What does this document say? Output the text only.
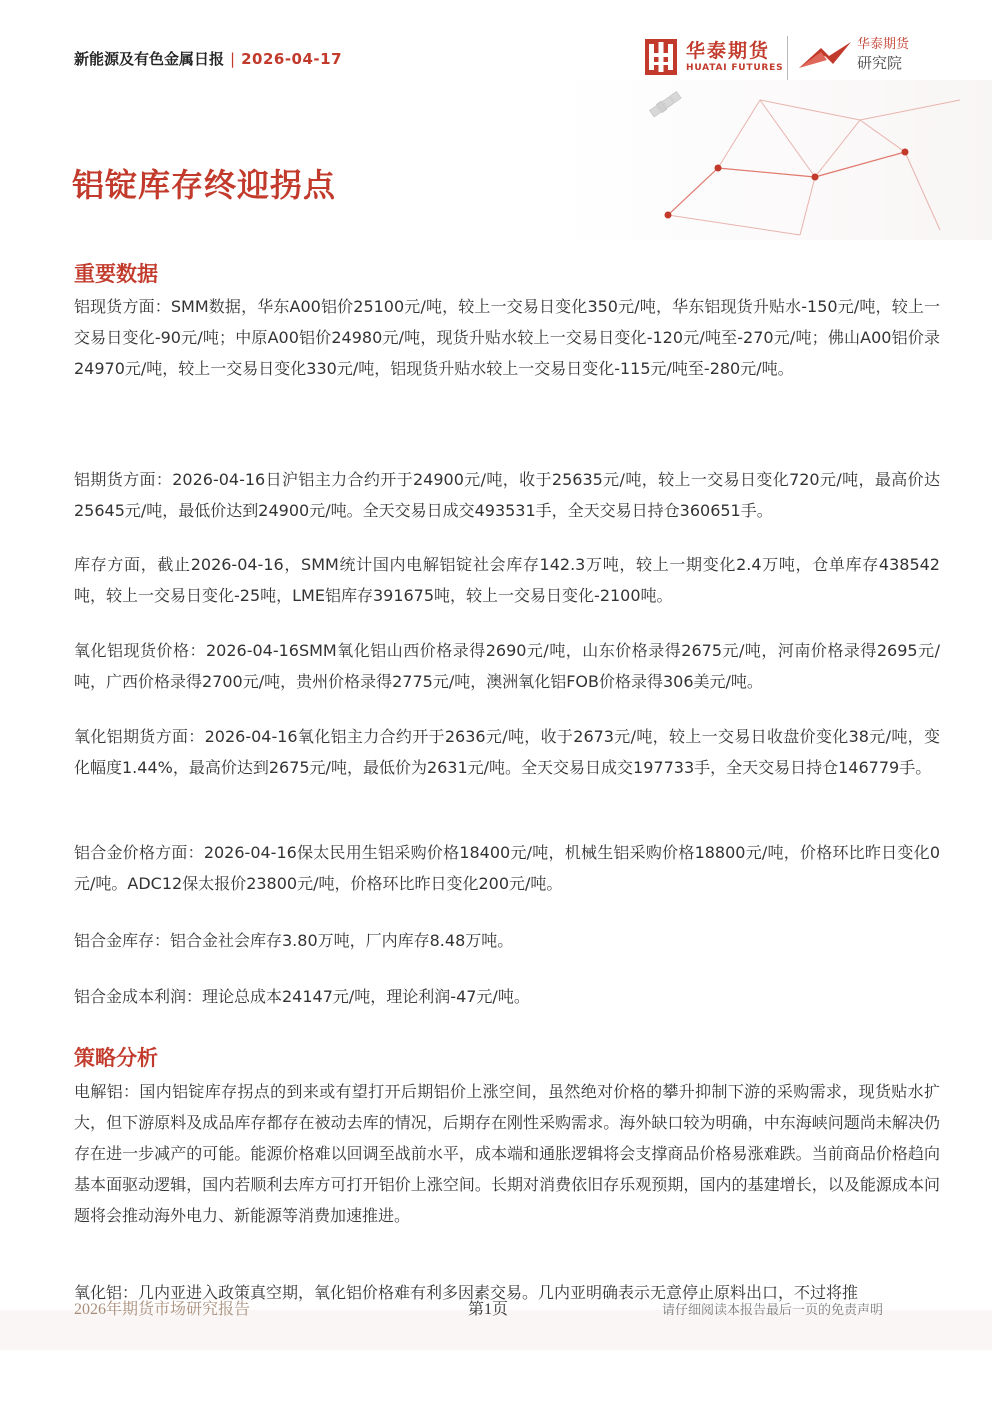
新能源及有色金属日报 | 2026-04-17	华泰期货
HUATAI FUTURES
华泰期货
研究院
铝锭库存终迎拐点
重要数据
铝现货方面：SMM数据，华东A00铝价25100元/吨，较上一交易日变化350元/吨，华东铝现货升贴水-150元/吨，较上一交易日变化-90元/吨；中原A00铝价24980元/吨，现货升贴水较上一交易日变化-120元/吨至-270元/吨；佛山A00铝价录24970元/吨，较上一交易日变化330元/吨，铝现货升贴水较上一交易日变化-115元/吨至-280元/吨。
铝期货方面：2026-04-16日沪铝主力合约开于24900元/吨，收于25635元/吨，较上一交易日变化720元/吨，最高价达25645元/吨，最低价达到24900元/吨。全天交易日成交493531手，全天交易日持仓360651手。
库存方面，截止2026-04-16，SMM统计国内电解铝锭社会库存142.3万吨，较上一期变化2.4万吨，仓单库存438542吨，较上一交易日变化-25吨，LME铝库存391675吨，较上一交易日变化-2100吨。
氧化铝现货价格：2026-04-16SMM氧化铝山西价格录得2690元/吨，山东价格录得2675元/吨，河南价格录得2695元/吨，广西价格录得2700元/吨，贵州价格录得2775元/吨，澳洲氧化铝FOB价格录得306美元/吨。
氧化铝期货方面：2026-04-16氧化铝主力合约开于2636元/吨，收于2673元/吨，较上一交易日收盘价变化38元/吨，变化幅度1.44%，最高价达到2675元/吨，最低价为2631元/吨。全天交易日成交197733手，全天交易日持仓146779手。
铝合金价格方面：2026-04-16保太民用生铝采购价格18400元/吨，机械生铝采购价格18800元/吨，价格环比昨日变化0元/吨。ADC12保太报价23800元/吨，价格环比昨日变化200元/吨。
铝合金库存：铝合金社会库存3.80万吨，厂内库存8.48万吨。
铝合金成本利润：理论总成本24147元/吨，理论利润-47元/吨。
策略分析
电解铝：国内铝锭库存拐点的到来或有望打开后期铝价上涨空间，虽然绝对价格的攀升抑制下游的采购需求，现货贴水扩大，但下游原料及成品库存都存在被动去库的情况，后期存在刚性采购需求。海外缺口较为明确，中东海峡问题尚未解决仍存在进一步减产的可能。能源价格难以回调至战前水平，成本端和通胀逻辑将会支撑商品价格易涨难跌。当前商品价格趋向基本面驱动逻辑，国内若顺利去库方可打开铝价上涨空间。长期对消费依旧存乐观预期，国内的基建增长，以及能源成本问题将会推动海外电力、新能源等消费加速推进。
氧化铝：几内亚进入政策真空期，氧化铝价格难有利多因素交易。几内亚明确表示无意停止原料出口，不过将推
2026年期货市场研究报告	第1页	请仔细阅读本报告最后一页的免责声明
